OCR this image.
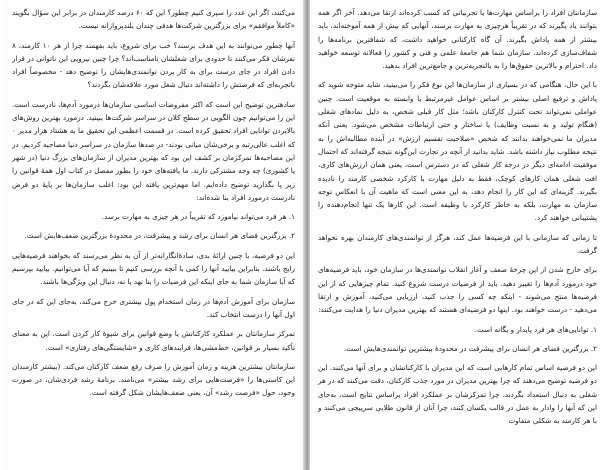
می‌کنند، اگر این عدد را سپری کنیم چطور؟ این که ۶۰ درصد کارمندان در برابر این سؤال بگویند «کاملاً موافقم» برای بزرگترین شرکت‌ها هدفی چندان بلندپروازانه نیست.

آنها چطور می‌توانند به این هدف برسند؟ خب برای شروع، باید بفهمند چرا از هر ۱۰ کارمند، ۸ نفرشان فکر می‌کنند تا حدودی برای شغلشان نامناسب‌اند؟ چرا چنین نیرویی این ناتوانی در قرار دادن افراد در جای درست برای به کار بردن توانمندی‌هایشان را توضیح دهد - مخصوصاً افراد باتجربه‌ای که فرصتش را داشته‌اند دنبال شغل مورد علاقه‌شان بگردند؟

سادهترین توضیح این است که اکثر مفروضات اساسی سازمان‌ها درمورد آدم‌ها، نادرست است. این را می‌توانیم چون الگویی در سطح کلان در سراسر شرکت‌ها ببینید. درمورد بهترین روش‌های بالابردن توانایی افراد تحقیق کرده است. در قسمت اعظمی این تحقیق ما به هشتاد هزار مدیر ۰ که اغلب عالی‌رتبه و برخی‌شان میانی بودند- در صدها سازمان در سراسر دنیا مصاحبه کردیم. در این مصاحبه‌ها تمرکزمان بر کشف این بود که بهترین مدیران از سازمان‌های بزرگ دنیا (در شهر یا کشوری) چه وجه مشترکی دارند. ما یافته‌های خود را بطور مفصل در کتاب اول همۀ قوانین را زیر پا بگذارید توضیح داده‌ایم. اما مهم‌ترین یافته این بود: اغلب سازمان‌ها بر پایۀ دو فرض نادرست درمورد افراد بنا شده‌اند:

۱. هر فرد می‌تواند بیاموزد که تقریباً در هر چیزی به مهارت برسد.

۲. بزرگترین فضای هر انسان برای رشد و پیشرفت، در محدودۀ بزرگترین ضعف‌هایش است.

این دو فرضیه، با چنین ارائۀ بدی، سادۀ‌انگارانه‌تر از آن به نظر می‌رسند که بخواهند فرضیه‌هایی رایج باشند. بنابراین بیایید آنها را کمی با آنچه بررسی کنیم تا ببینیم که آیا می‌توانیم. بیایید بپرسیم که آیا سازمان شما به جای اینکه این فرضیات را بنا نهد یا نه، دنبال این ویژگی‌ها باشند.

سازمان برای آموزش آدم‌ها در زمان استخدام پول بیشتری خرج می‌کند، به‌جای این که در جای اول آنها را درست انتخاب کند.

تمرکز سازمانتان بر عملکرد کارکنانش با وضع قوانین برای شیوۀ کار کردن است. این به معنای تأکید بسیار بر قوانین، خط‌مشی‌ها، فرایندهای کاری و «شایستگی‌های رفتاری» است.

سازمانتان بیشترین هزینه و زمان آموزش را صرف رفع ضعف کارکنان می‌کند. (بیشتر کارمندان این کاستی‌ها را «فرصت‌هایی برای رشد بیشتر» می‌نامند. برنامۀ رشد فردی‌شان، در صورت وجود، حول «فرصت رشد» آن، یعنی ضعف‌هایشان شکل گرفته است.

سازمانتان افراد را براساس مهارت‌ها یا تجربیاتی که کسب کرده‌اند ارتقا می‌دهد. آخر اگر همه بتوانند یاد بگیرند که در تقریباً هرچیزی به مهارت برسند، آنهایی که بیش از همه آموخته‌اند، باید بیشتر از همه پاداش بگیرند. آن گاه کارکنانی خواهید داشت، ‌که شفافترین برنامه‌ها را شفاف‌سازی کرده‌اند. سازمان شما هم جامعۀ علمی و فنی و کشور را فعالانه توسعه خواهید داد‌. احترام و بالاترین حقوق‌ها را به بالنجریه‌ترین و جامع‌ترین افراد بدهید.

با این حال، هنگامی که در بسیاری از سازمان‌ها این نوع فکر را می‌بینید، شاید متوجه شوید که پاداش و ترفیع اصلی بیشتر بر اساس عوامل غیرمرتبط یا وابسته به موقعیت است. چنین عواملی نمی‌تواند تحت کنترل کارکنان باشد؛ مثل کار قبلی شخص، به دلیل نمادهای شغلی (هنگام تولید و به نسبت وظایف) یا ساختار و حتی ارتباطات مشخص می‌شود. یعنی آنکه مدیران ما نمی‌خواهند بدانند که شخص «صلاحیت تقسیم ارزش» در آینده مطالبه‌اش را به نتیجه مطلوب نیاز داشته باشد. شاید بدانید از آنچه در تجارت این‌گونه نتیجه گرفته‌اند که احتمال موفقیت ادامه‌ای دیگر در درجه کار شغلی که در دسترس است، یعنی همان ارزش‌های کاری، افت شغلی همان کارهای کوچک، فقط به دلیل مهارت یا کارکرد شخصی کارمند را نادیده بگیرند. گزینه‌ای که این کار را انجام دهد، به این معنی است که ماهیت آن با انعکاس توجه سازمان به مهارت، بلکه به خاطر کارکرد یا وظیفه است. این کارها یک تنها انجام‌دهنده را پشتیبانی خواهند کرد.

تا زمانی که سازمانی با این فرضیه‌ها عمل کند، هرگز از توانمندی‌های کارمندان بهره نخواهد گرفت.

برای خارج شدن از این چرخۀ ضعف و آغاز انقلاب توانمندی‌ها در سازمان خود، باید فرضیه‌های خود درمورد آدم‌ها را تغییر دهید. باید از فرضیات درست شروع کنید. تمام چیزهایی که از این فرضیه‌ها منتج می‌شوند - اینکه چه کسی را جذب کنید، ارزیابی می‌کنید، آموزش و ارتقا می‌دهید - درست خواهند بود. اینها دو فرضیه‌ای هستند که بهترین مدیران دنیا را هدایت می‌کنند:

۱. توانایی‌های هر فرد پایدار و یگانه است.

۲. بزرگترین فضای هر انسان برای پیشرفت در محدودۀ بیشترین توانمندی‌هایش است.

این دو فرضیه اساس تمام کارهایی است که این مدیران با کارکنانشان و برای آنها می‌کنند. این دو فرضیه توضیح می‌دهند که چرا بهترین مدیران در مورد جذب کارکنان، دقت می‌کنند که در هر شغلی به دنبال استعداد بگردند، چرا تمرکزشان بر عملکرد افراد براساس نتایج است، به‌جای این که آنها را وادار به عمل در قالب یکسان کنند، چرا آنان از قانون طلایی سرپیچی می‌کنند و با هر کارمند به شکلی متفاوت
